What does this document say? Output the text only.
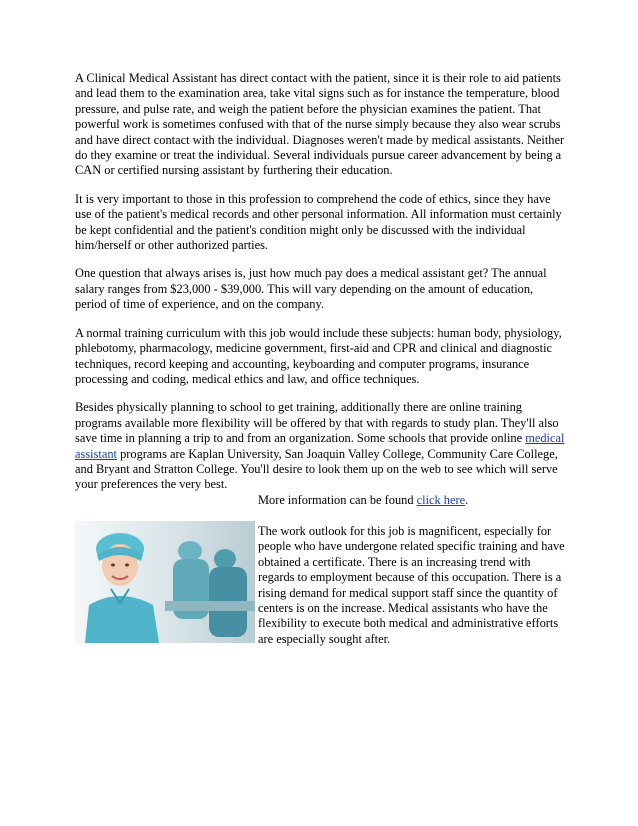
A Clinical Medical Assistant has direct contact with the patient, since it is their role to aid patients and lead them to the examination area, take vital signs such as for instance the temperature, blood pressure, and pulse rate, and weigh the patient before the physician examines the patient. That powerful work is sometimes confused with that of the nurse simply because they also wear scrubs and have direct contact with the individual. Diagnoses weren't made by medical assistants. Neither do they examine or treat the individual. Several individuals pursue career advancement by being a CAN or certified nursing assistant by furthering their education.

It is very important to those in this profession to comprehend the code of ethics, since they have use of the patient's medical records and other personal information. All information must certainly be kept confidential and the patient's condition might only be discussed with the individual him/herself or other authorized parties.

One question that always arises is, just how much pay does a medical assistant get? The annual salary ranges from $23,000 - $39,000. This will vary depending on the amount of education, period of time of experience, and on the company.

A normal training curriculum with this job would include these subjects: human body, physiology, phlebotomy, pharmacology, medicine government, first-aid and CPR and clinical and diagnostic techniques, record keeping and accounting, keyboarding and computer programs, insurance processing and coding, medical ethics and law, and office techniques.

Besides physically planning to school to get training, additionally there are online training programs available more flexibility will be offered by that with regards to study plan. They'll also save time in planning a trip to and from an organization. Some schools that provide online medical assistant programs are Kaplan University, San Joaquin Valley College, Community Care College, and Bryant and Stratton College. You'll desire to look them up on the web to see which will serve your preferences the very best.

More information can be found click here.
The work outlook for this job is magnificent, especially for people who have undergone related specific training and have obtained a certificate. There is an increasing trend with regards to employment because of this occupation. There is a rising demand for medical support staff since the quantity of centers is on the increase. Medical assistants who have the flexibility to execute both medical and administrative efforts are especially sought after.
